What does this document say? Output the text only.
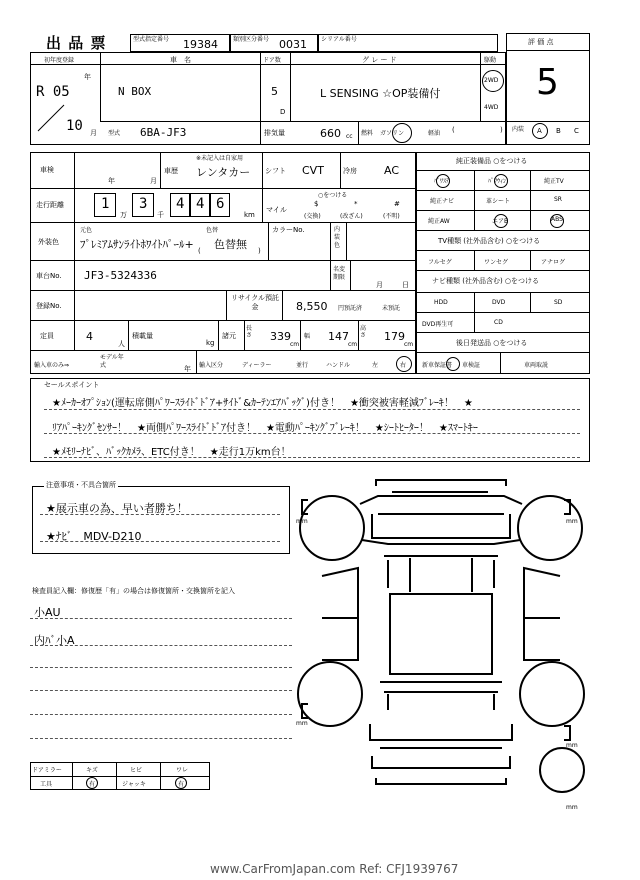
出 品 票	型式指定番号 19384	類別区分番号 0031 シリアル番号	評 価 点
5
初年度登録
年
R 05
10 月
車　名
N BOX
ドア数
5
D
グ レ ー ド
L SENSING ☆OP装備付
駆動
2WD
4WD
型式 6BA-JF3	排気量	660 cc 燃料 ガソリン	軽油 (	) 内装 A B C
車検
年	月
※未記入は自家用
車歴 レンタカー シフト CVT	冷房 AC
走行距離	1
万
3
千
4 4 6
km
○をつける
マイル
$
(交換)
*
(改ざん)
#
(不明)
外装色
元色	色替
ﾌﾟﾚﾐｱﾑｻﾝﾗｲﾄﾎﾜｲﾄﾊﾟｰﾙ+ (	)
色替無
カラーNo.	内装色
車台No. JF3-5324336	名変期限
月	日
登録No.
リサイクル預託金	8,550 円預託済	未預託
定員	4
人
積載量
kg
諸元
長さ 339
cm
幅 147
cm
高さ 179
cm
輸入車のみ⇒
モデル年式	年 輸入区分	ディーラー	並行	ハンドル	左	右
純正装備品 ○をつける
ﾊﾟﾜｽﾃ	ﾊﾟﾜｳｨﾝ	純正TV
純正ナビ	革シート	SR
純正AW	エアB	ABS
TV種類 (社外品含む) ○をつける
フルセグ	ワンセグ	アナログ
ナビ種類 (社外品含む) ○をつける
HDD	DVD	SD
DVD再生可	CD
後日発送品 ○をつける
新車保証書 車検証	車両取説
セールスポイント
★ﾒｰｶｰｵﾌﾟｼｮﾝ(運転席側ﾊﾟﾜｰｽﾗｲﾄﾞﾄﾞｱ+ｻｲﾄﾞ&ｶｰﾃﾝｴｱﾊﾞｯｸﾞ)付き！　★衝突被害軽減ﾌﾞﾚｰｷ！　★
ﾘｱﾊﾟｰｷﾝｸﾞｾﾝｻｰ！　★両側ﾊﾟﾜｰｽﾗｲﾄﾞﾄﾞｱ付き！　★電動ﾊﾟｰｷﾝｸﾞﾌﾞﾚｰｷ！　★ｼｰﾄﾋｰﾀｰ！　★ｽﾏｰﾄｷｰ
★ﾒﾓﾘｰﾅﾋﾞ、ﾊﾞｯｸｶﾒﾗ、ETC付き！　★走行1万km台！
注意事項・不具合箇所
★展示車の為、早い者勝ち！
★ﾅﾋﾞ　MDV-D210
検査員記入欄：修復歴「有」の場合は修復箇所・交換箇所を記入
小AU
内ﾊﾞ小A
ドアミラー	キズ	ヒビ	ワレ
工具	有	ジャッキ	有
mm	mm
mm
mm
mm
www.CarFromJapan.com Ref: CFJ1939767
